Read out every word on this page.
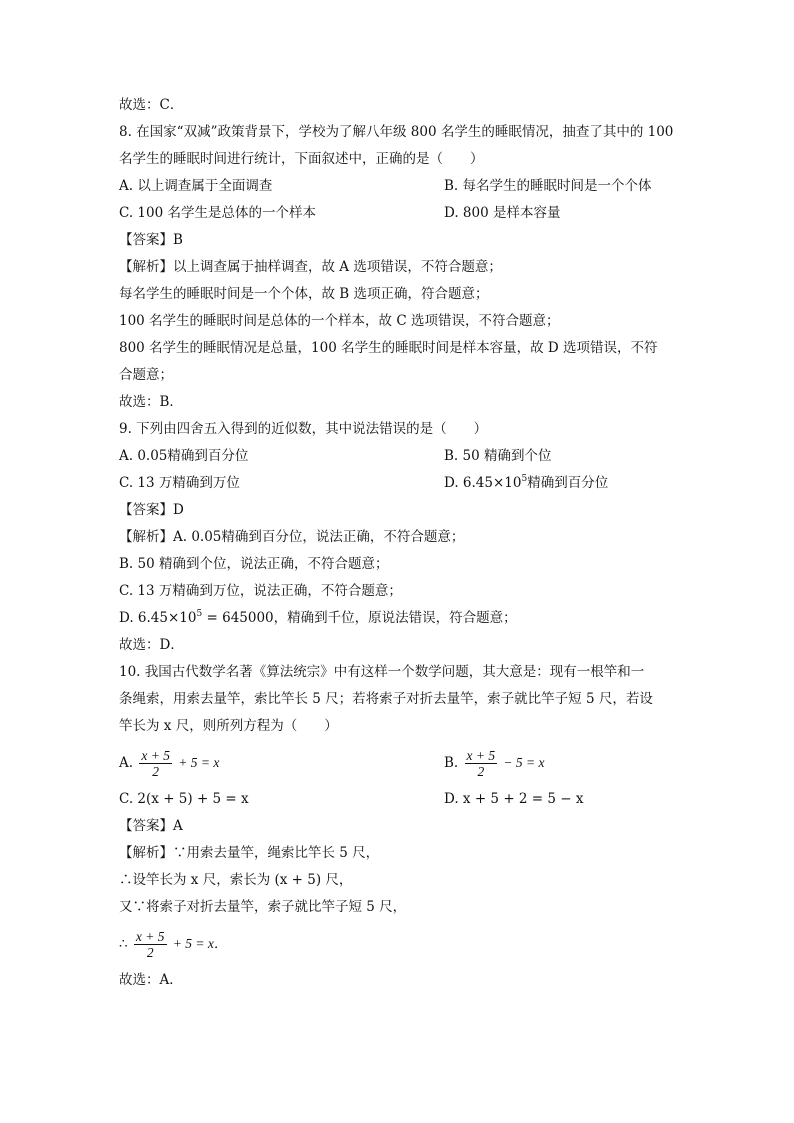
故选：C．
8. 在国家“双减”政策背景下，学校为了解八年级 800 名学生的睡眠情况，抽查了其中的 100
名学生的睡眠时间进行统计，下面叙述中，正确的是（　　）
A. 以上调查属于全面调查	B. 每名学生的睡眠时间是一个个体
C. 100 名学生是总体的一个样本	D. 800 是样本容量
【答案】B
【解析】以上调查属于抽样调查，故 A 选项错误，不符合题意；
每名学生的睡眠时间是一个个体，故 B 选项正确，符合题意；
100 名学生的睡眠时间是总体的一个样本，故 C 选项错误，不符合题意；
800 名学生的睡眠情况是总量，100 名学生的睡眠时间是样本容量，故 D 选项错误，不符
合题意；
故选：B．
9. 下列由四舍五入得到的近似数，其中说法错误的是（　　）
A. 0.05精确到百分位	B. 50 精确到个位
C. 13 万精确到万位	D. $6.45\times 10^5$精确到百分位
【答案】D
【解析】A. 0.05精确到百分位，说法正确，不符合题意；
B. 50 精确到个位，说法正确，不符合题意；
C. 13 万精确到万位，说法正确，不符合题意；
D. $6.45\times 10^5 = 645000$，精确到千位，原说法错误，符合题意；
故选：D．
10. 我国古代数学名著《算法统宗》中有这样一个数学问题，其大意是：现有一根竿和一
条绳索，用索去量竿，索比竿长 5 尺；若将索子对折去量竿，索子就比竿子短 5 尺，若设
竿长为 x 尺，则所列方程为（　　）
A. $\frac{x + 5}{2} + 5 = x$	B. $\frac{x + 5}{2} - 5 = x$
C. 2(x + 5) + 5 = x	D. x + 5 + 2 = 5 − x
【答案】A
【解析】∵用索去量竿，绳索比竿长 5 尺，
∴设竿长为 x 尺，索长为 (x + 5) 尺，
又∵将索子对折去量竿，索子就比竿子短 5 尺，
∴ $\frac{x + 5}{2} + 5 = x$．
故选：A．
